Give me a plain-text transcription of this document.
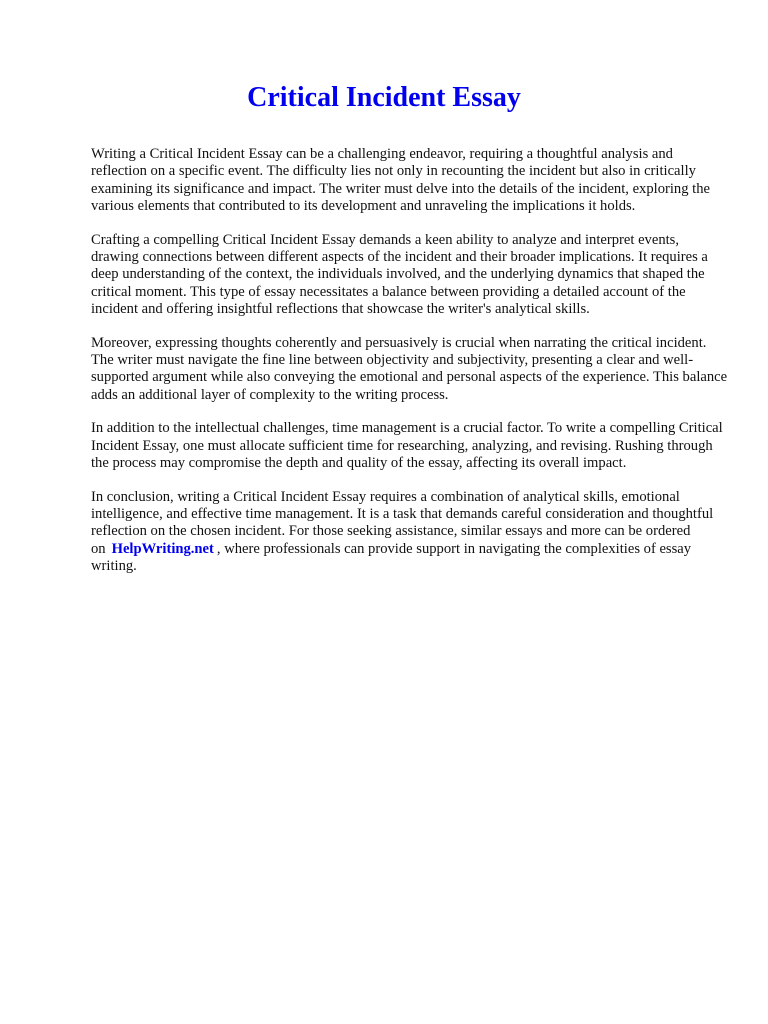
Critical Incident Essay

Writing a Critical Incident Essay can be a challenging endeavor, requiring a thoughtful analysis and reflection on a specific event. The difficulty lies not only in recounting the incident but also in critically examining its significance and impact. The writer must delve into the details of the incident, exploring the various elements that contributed to its development and unraveling the implications it holds.

Crafting a compelling Critical Incident Essay demands a keen ability to analyze and interpret events, drawing connections between different aspects of the incident and their broader implications. It requires a deep understanding of the context, the individuals involved, and the underlying dynamics that shaped the critical moment. This type of essay necessitates a balance between providing a detailed account of the incident and offering insightful reflections that showcase the writer's analytical skills.

Moreover, expressing thoughts coherently and persuasively is crucial when narrating the critical incident. The writer must navigate the fine line between objectivity and subjectivity, presenting a clear and well-supported argument while also conveying the emotional and personal aspects of the experience. This balance adds an additional layer of complexity to the writing process.

In addition to the intellectual challenges, time management is a crucial factor. To write a compelling Critical Incident Essay, one must allocate sufficient time for researching, analyzing, and revising. Rushing through the process may compromise the depth and quality of the essay, affecting its overall impact.

In conclusion, writing a Critical Incident Essay requires a combination of analytical skills, emotional intelligence, and effective time management. It is a task that demands careful consideration and thoughtful reflection on the chosen incident. For those seeking assistance, similar essays and more can be ordered on HelpWriting.net , where professionals can provide support in navigating the complexities of essay writing.
